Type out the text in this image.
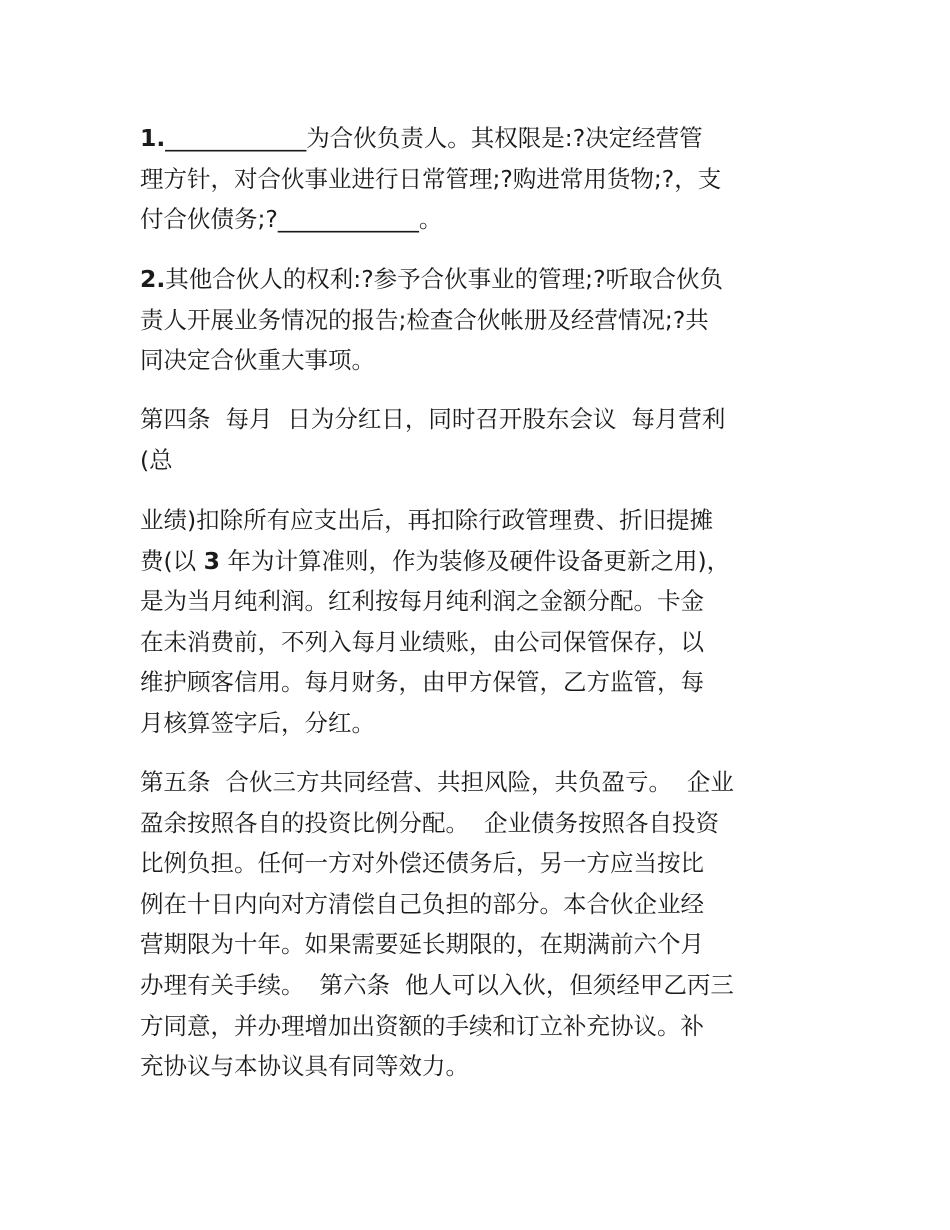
1.____________为合伙负责人。其权限是:?决定经营管
理方针，对合伙事业进行日常管理;?购进常用货物;?，支
付合伙债务;?____________。
2.其他合伙人的权利:?参予合伙事业的管理;?听取合伙负
责人开展业务情况的报告;检查合伙帐册及经营情况;?共
同决定合伙重大事项。
第四条  每月  日为分红日，同时召开股东会议  每月营利
(总
业绩)扣除所有应支出后，再扣除行政管理费、折旧提摊
费(以 3 年为计算准则，作为装修及硬件设备更新之用)，
是为当月纯利润。红利按每月纯利润之金额分配。卡金
在未消费前，不列入每月业绩账，由公司保管保存，以
维护顾客信用。每月财务，由甲方保管，乙方监管，每
月核算签字后，分红。
第五条  合伙三方共同经营、共担风险，共负盈亏。  企业
盈余按照各自的投资比例分配。  企业债务按照各自投资
比例负担。任何一方对外偿还债务后，另一方应当按比
例在十日内向对方清偿自己负担的部分。本合伙企业经
营期限为十年。如果需要延长期限的，在期满前六个月
办理有关手续。  第六条  他人可以入伙，但须经甲乙丙三
方同意，并办理增加出资额的手续和订立补充协议。补
充协议与本协议具有同等效力。
